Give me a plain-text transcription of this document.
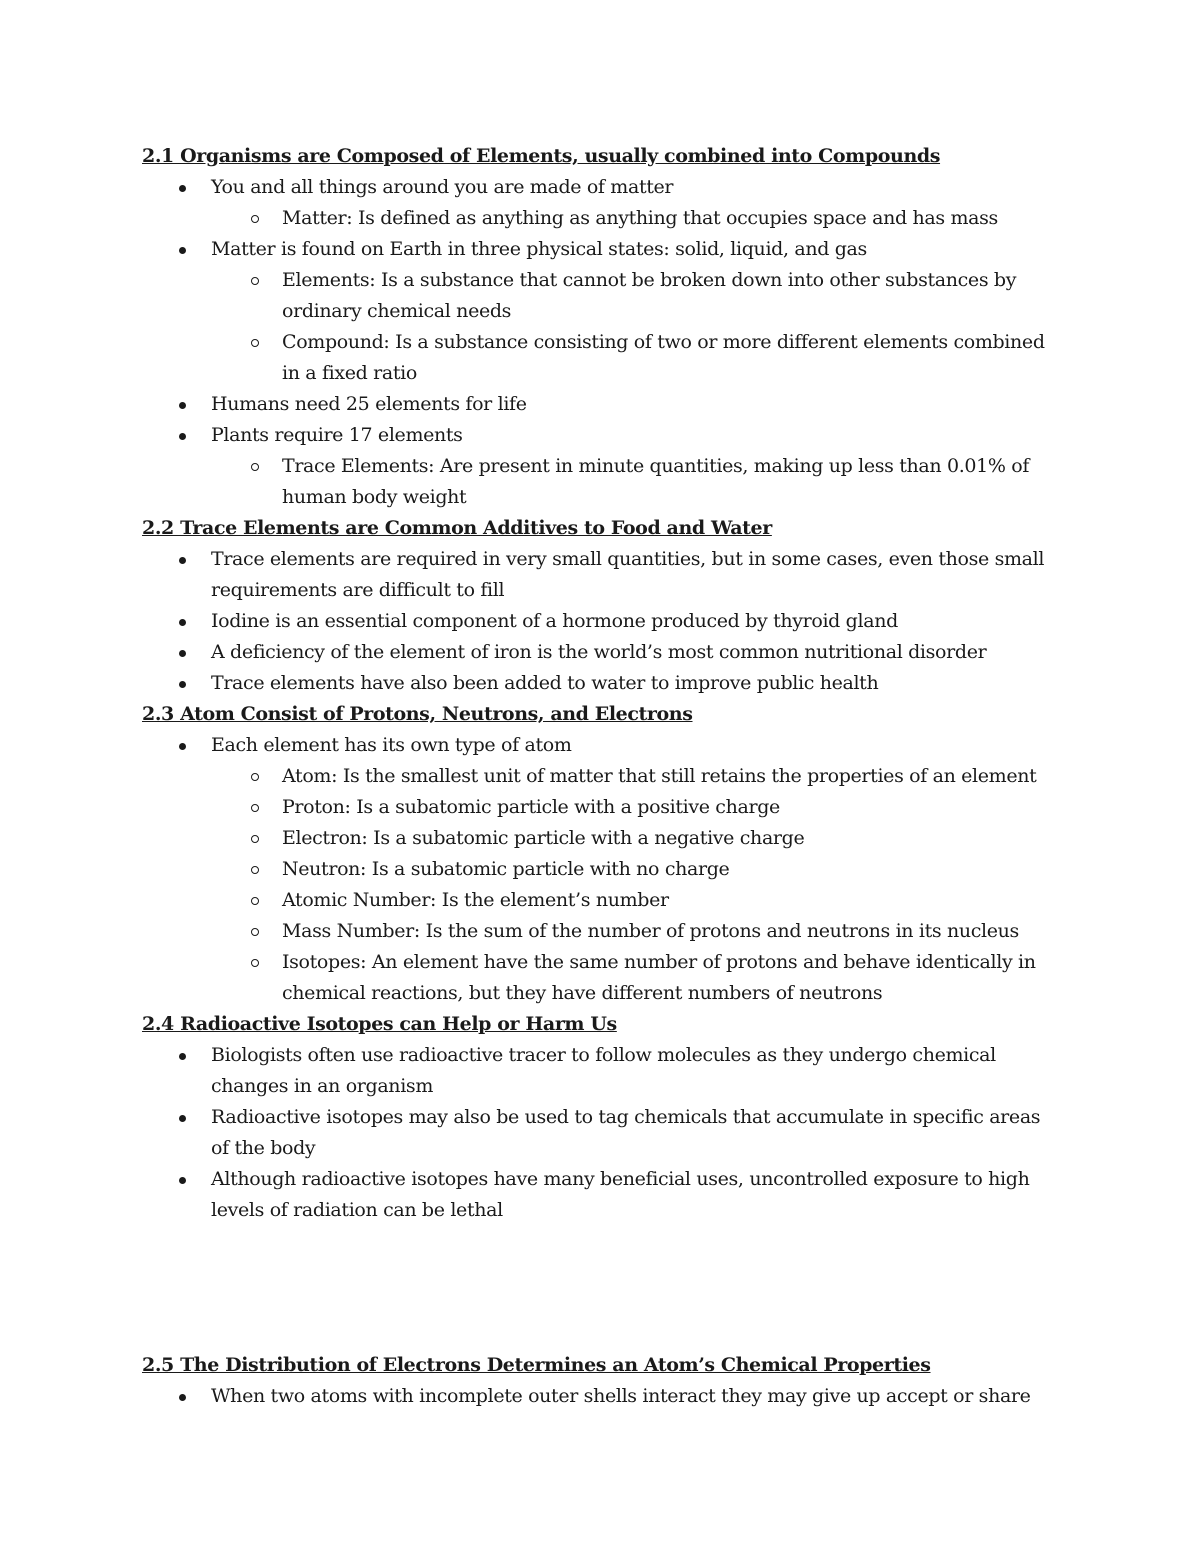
2.1 Organisms are Composed of Elements, usually combined into Compounds
You and all things around you are made of matter
Matter: Is defined as anything as anything that occupies space and has mass
Matter is found on Earth in three physical states: solid, liquid, and gas
Elements: Is a substance that cannot be broken down into other substances by ordinary chemical needs
Compound: Is a substance consisting of two or more different elements combined in a fixed ratio
Humans need 25 elements for life
Plants require 17 elements
Trace Elements: Are present in minute quantities, making up less than 0.01% of human body weight
2.2 Trace Elements are Common Additives to Food and Water
Trace elements are required in very small quantities, but in some cases, even those small requirements are difficult to fill
Iodine is an essential component of a hormone produced by thyroid gland
A deficiency of the element of iron is the world’s most common nutritional disorder
Trace elements have also been added to water to improve public health
2.3 Atom Consist of Protons, Neutrons, and Electrons
Each element has its own type of atom
Atom: Is the smallest unit of matter that still retains the properties of an element
Proton: Is a subatomic particle with a positive charge
Electron: Is a subatomic particle with a negative charge
Neutron: Is a subatomic particle with no charge
Atomic Number: Is the element’s number
Mass Number: Is the sum of the number of protons and neutrons in its nucleus
Isotopes: An element have the same number of protons and behave identically in chemical reactions, but they have different numbers of neutrons
2.4 Radioactive Isotopes can Help or Harm Us
Biologists often use radioactive tracer to follow molecules as they undergo chemical changes in an organism
Radioactive isotopes may also be used to tag chemicals that accumulate in specific areas of the body
Although radioactive isotopes have many beneficial uses, uncontrolled exposure to high levels of radiation can be lethal
2.5 The Distribution of Electrons Determines an Atom’s Chemical Properties
When two atoms with incomplete outer shells interact they may give up accept or share
